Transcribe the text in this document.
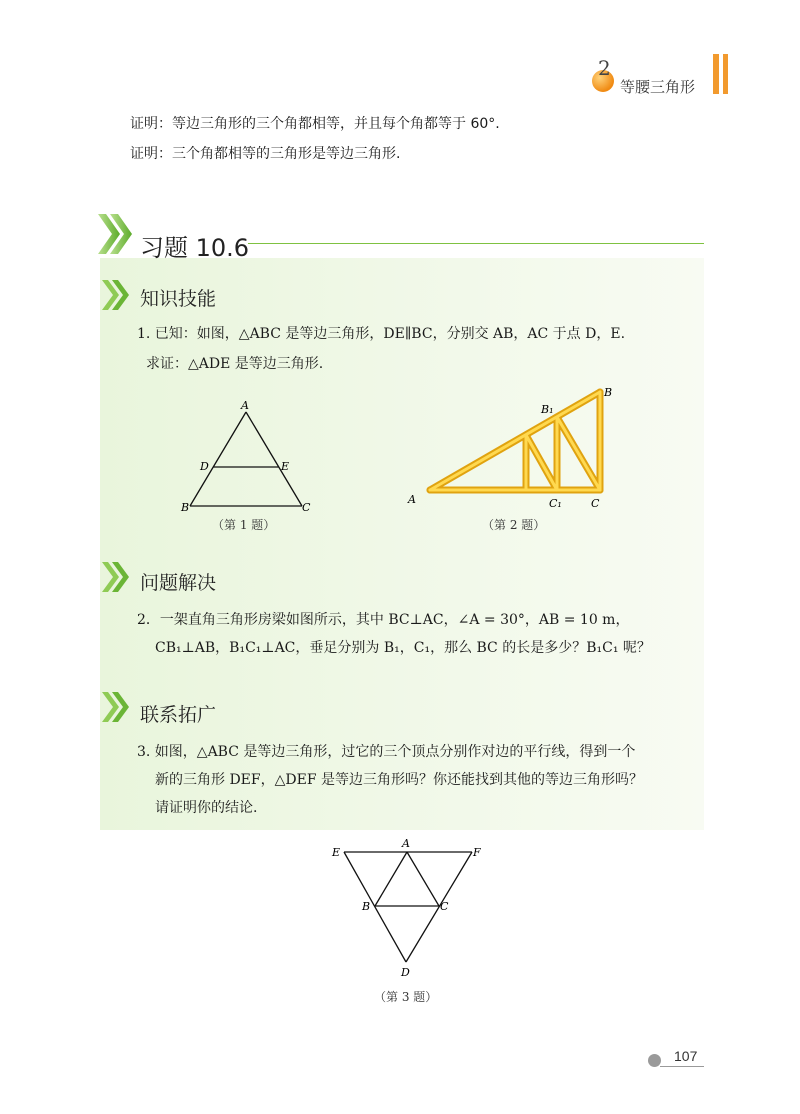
2
等腰三角形
证明：等边三角形的三个角都相等，并且每个角都等于 60°.
证明：三个角都相等的三角形是等边三角形.
习题 10.6
知识技能
1. 已知：如图，△ABC 是等边三角形，DE∥BC，分别交 AB，AC 于点 D，E.
求证：△ADE 是等边三角形.
A
D	E
B	C
（第 1 题）
B
B₁
A	C₁	C
（第 2 题）
问题解决
2．一架直角三角形房梁如图所示，其中 BC⊥AC，∠A = 30°，AB = 10 m，
CB₁⊥AB，B₁C₁⊥AC，垂足分别为 B₁，C₁，那么 BC 的长是多少？B₁C₁ 呢？
联系拓广
3. 如图，△ABC 是等边三角形，过它的三个顶点分别作对边的平行线，得到一个
新的三角形 DEF，△DEF 是等边三角形吗？你还能找到其他的等边三角形吗？
请证明你的结论.
A
E	F
B	C
D
（第 3 题）
107
